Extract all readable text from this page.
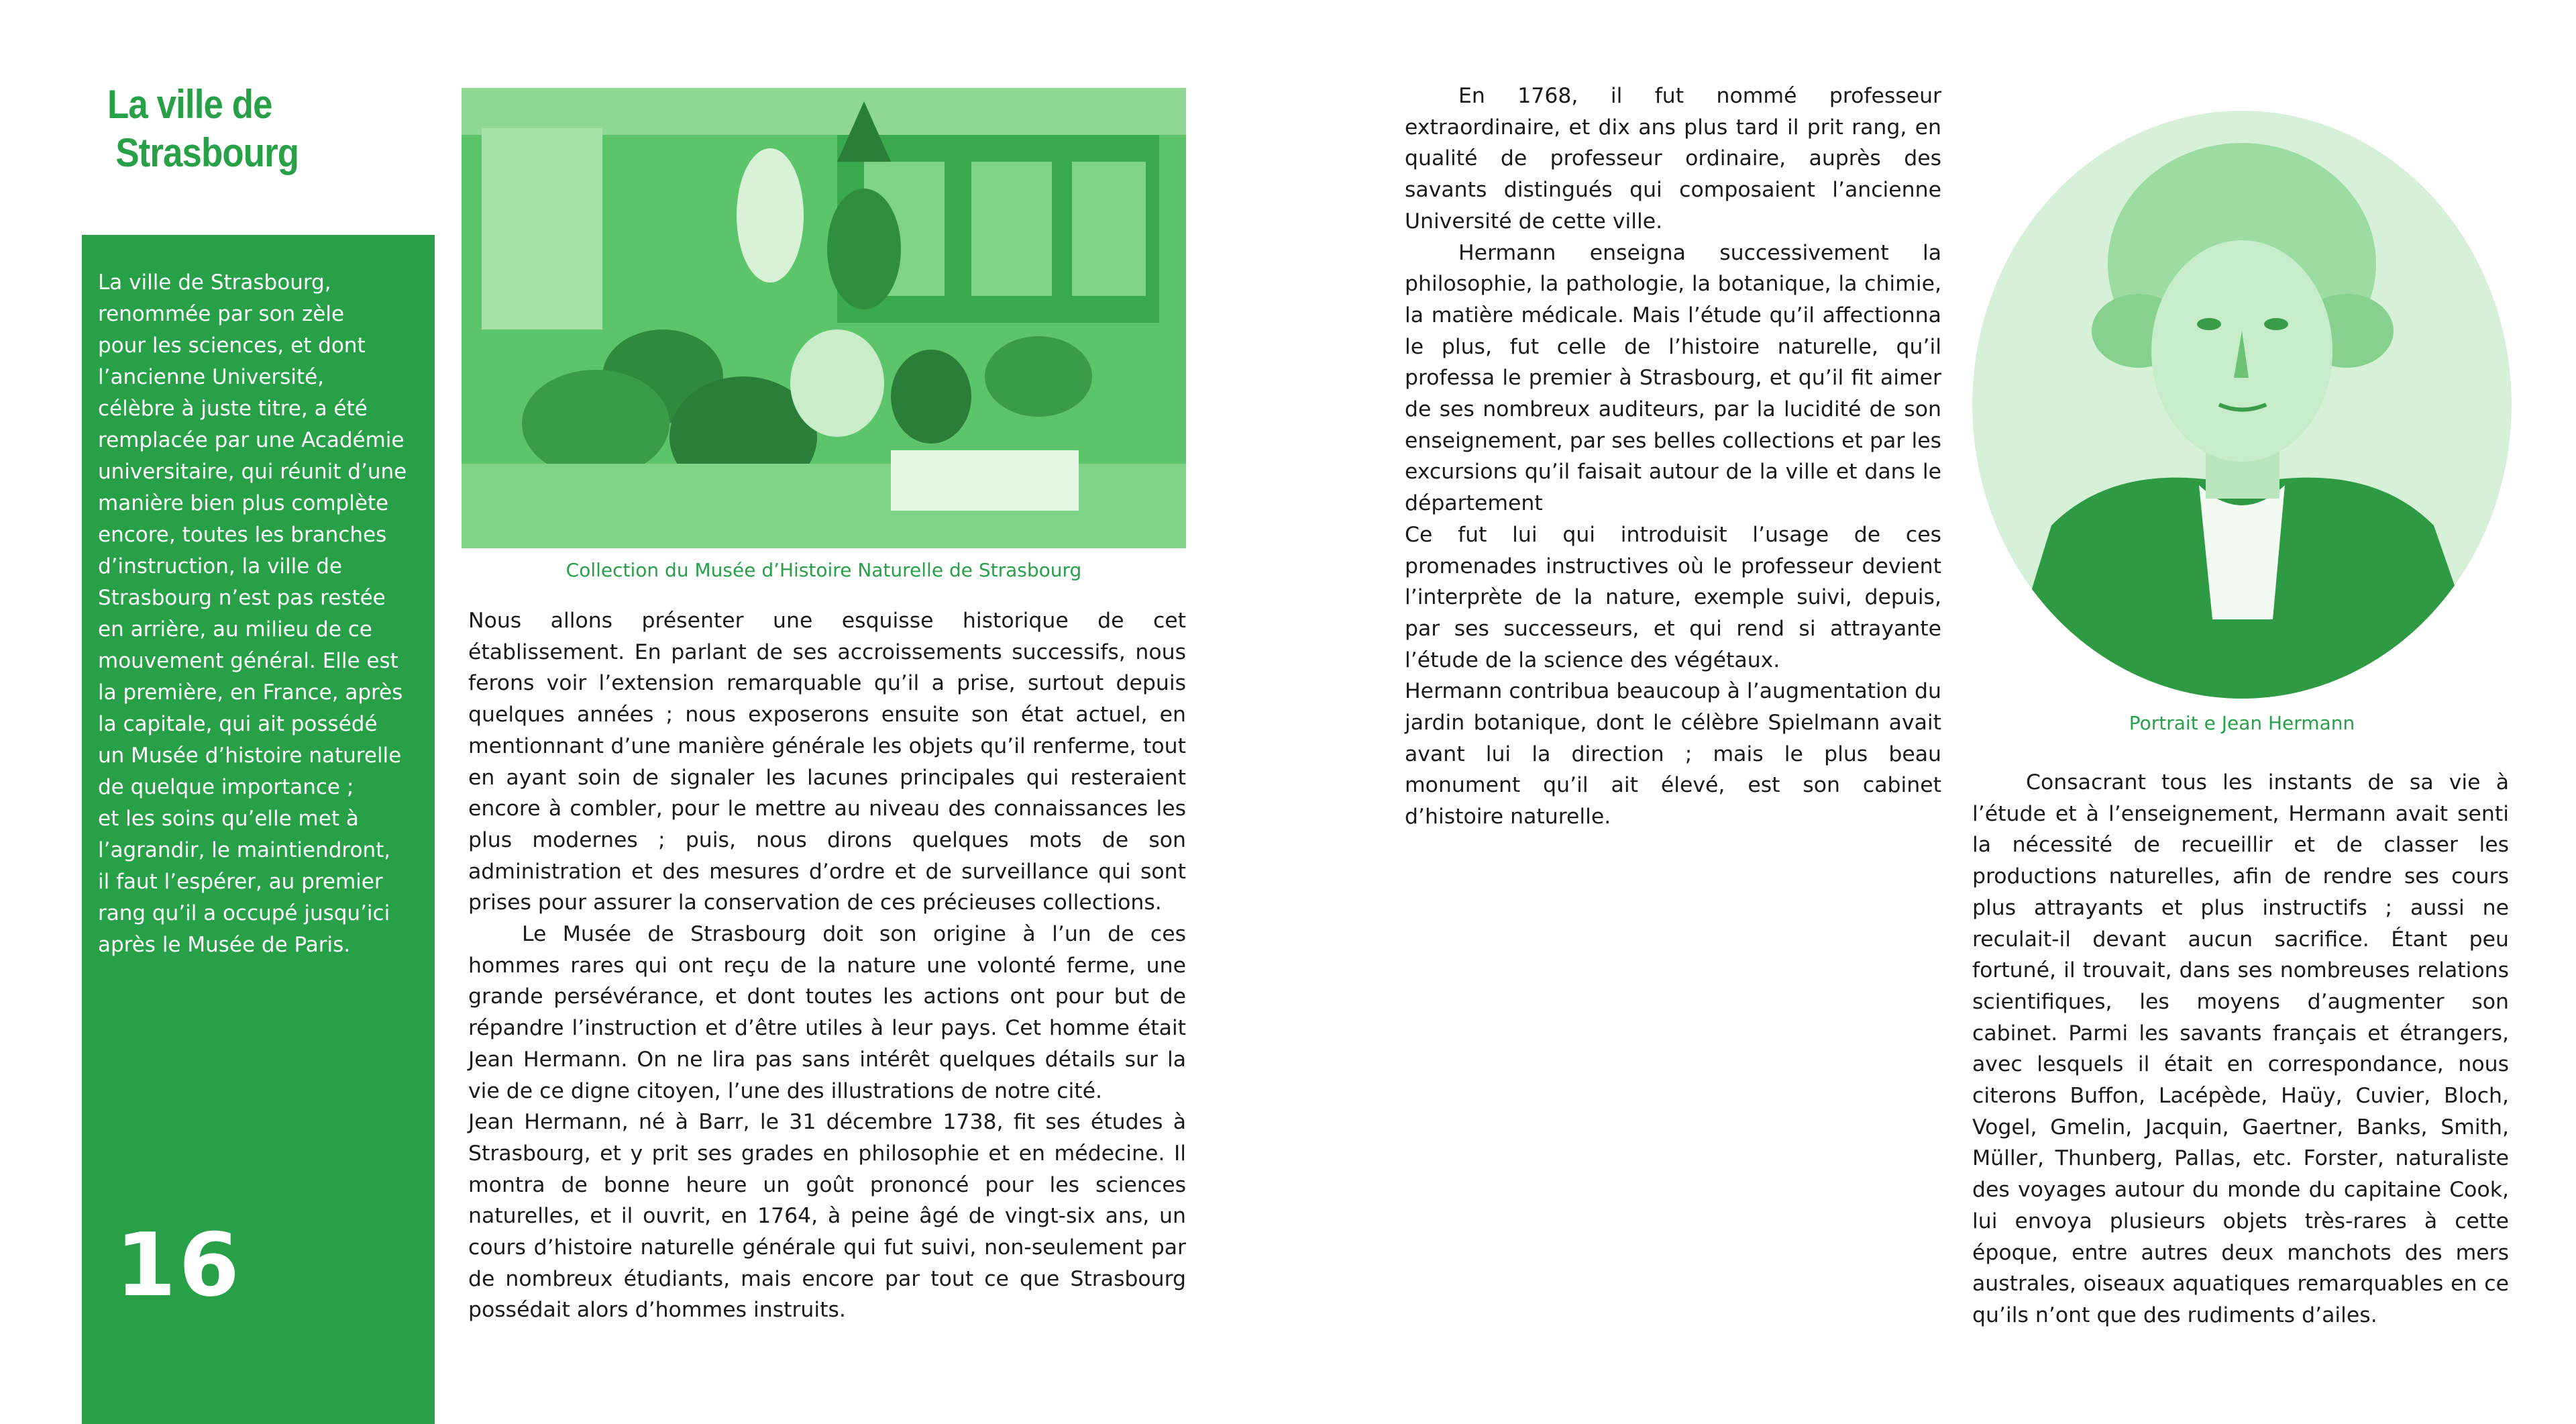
La ville de
Strasbourg
La ville de Strasbourg,
renommée par son zèle
pour les sciences, et dont
l’ancienne Université,
célèbre à juste titre, a été
remplacée par une Académie
universitaire, qui réunit d’une
manière bien plus complète
encore, toutes les branches
d’instruction, la ville de
Strasbourg n’est pas restée
en arrière, au milieu de ce
mouvement général. Elle est
la première, en France, après
la capitale, qui ait possédé
un Musée d’histoire naturelle
de quelque importance ;
et les soins qu’elle met à
l’agrandir, le maintiendront,
il faut l’espérer, au premier
rang qu’il a occupé jusqu’ici
après le Musée de Paris.
16
Collection du Musée d’Histoire Naturelle de Strasbourg

Nous allons présenter une esquisse historique de cet établissement. En parlant de ses accroissements successifs, nous ferons voir l’extension remarquable qu’il a prise, surtout depuis quelques années ; nous exposerons ensuite son état actuel, en mentionnant d’une manière générale les objets qu’il renferme, tout en ayant soin de signaler les lacunes principales qui resteraient encore à combler, pour le mettre au niveau des connaissances les plus modernes ; puis, nous dirons quelques mots de son administration et des mesures d’ordre et de surveillance qui sont prises pour assurer la conservation de ces précieuses collections.

Le Musée de Strasbourg doit son origine à l’un de ces hommes rares qui ont reçu de la nature une volonté ferme, une grande persévérance, et dont toutes les actions ont pour but de répandre l’instruction et d’être utiles à leur pays. Cet homme était Jean Hermann. On ne lira pas sans intérêt quelques détails sur la vie de ce digne citoyen, l’une des illustrations de notre cité.

Jean Hermann, né à Barr, le 31 décembre 1738, fit ses études à Strasbourg, et y prit ses grades en philosophie et en médecine. Il montra de bonne heure un goût prononcé pour les sciences naturelles, et il ouvrit, en 1764, à peine âgé de vingt-six ans, un cours d’histoire naturelle générale qui fut suivi, non-seulement par de nombreux étudiants, mais encore par tout ce que Strasbourg possédait alors d’hommes instruits.

En 1768, il fut nommé professeur extraordinaire, et dix ans plus tard il prit rang, en qualité de professeur ordinaire, auprès des savants distingués qui composaient l’ancienne Université de cette ville.

Hermann enseigna successivement la philosophie, la pathologie, la botanique, la chimie, la matière médicale. Mais l’étude qu’il affectionna le plus, fut celle de l’histoire naturelle, qu’il professa le premier à Strasbourg, et qu’il fit aimer de ses nombreux auditeurs, par la lucidité de son enseignement, par ses belles collections et par les excursions qu’il faisait autour de la ville et dans le département

Ce fut lui qui introduisit l’usage de ces promenades instructives où le professeur devient l’interprète de la nature, exemple suivi, depuis, par ses successeurs, et qui rend si attrayante l’étude de la science des végétaux.

Hermann contribua beaucoup à l’augmentation du jardin botanique, dont le célèbre Spielmann avait avant lui la direction ; mais le plus beau monument qu’il ait élevé, est son cabinet d’histoire naturelle.

Portrait e Jean Hermann

Consacrant tous les instants de sa vie à l’étude et à l’enseignement, Hermann avait senti la nécessité de recueillir et de classer les productions naturelles, afin de rendre ses cours plus attrayants et plus instructifs ; aussi ne reculait-il devant aucun sacrifice. Étant peu fortuné, il trouvait, dans ses nombreuses relations scientifiques, les moyens d’augmenter son cabinet. Parmi les savants français et étrangers, avec lesquels il était en correspondance, nous citerons Buffon, Lacépède, Haüy, Cuvier, Bloch, Vogel, Gmelin, Jacquin, Gaertner, Banks, Smith, Müller, Thunberg, Pallas, etc. Forster, naturaliste des voyages autour du monde du capitaine Cook, lui envoya plusieurs objets très-rares à cette époque, entre autres deux manchots des mers australes, oiseaux aquatiques remarquables en ce qu’ils n’ont que des rudiments d’ailes.
